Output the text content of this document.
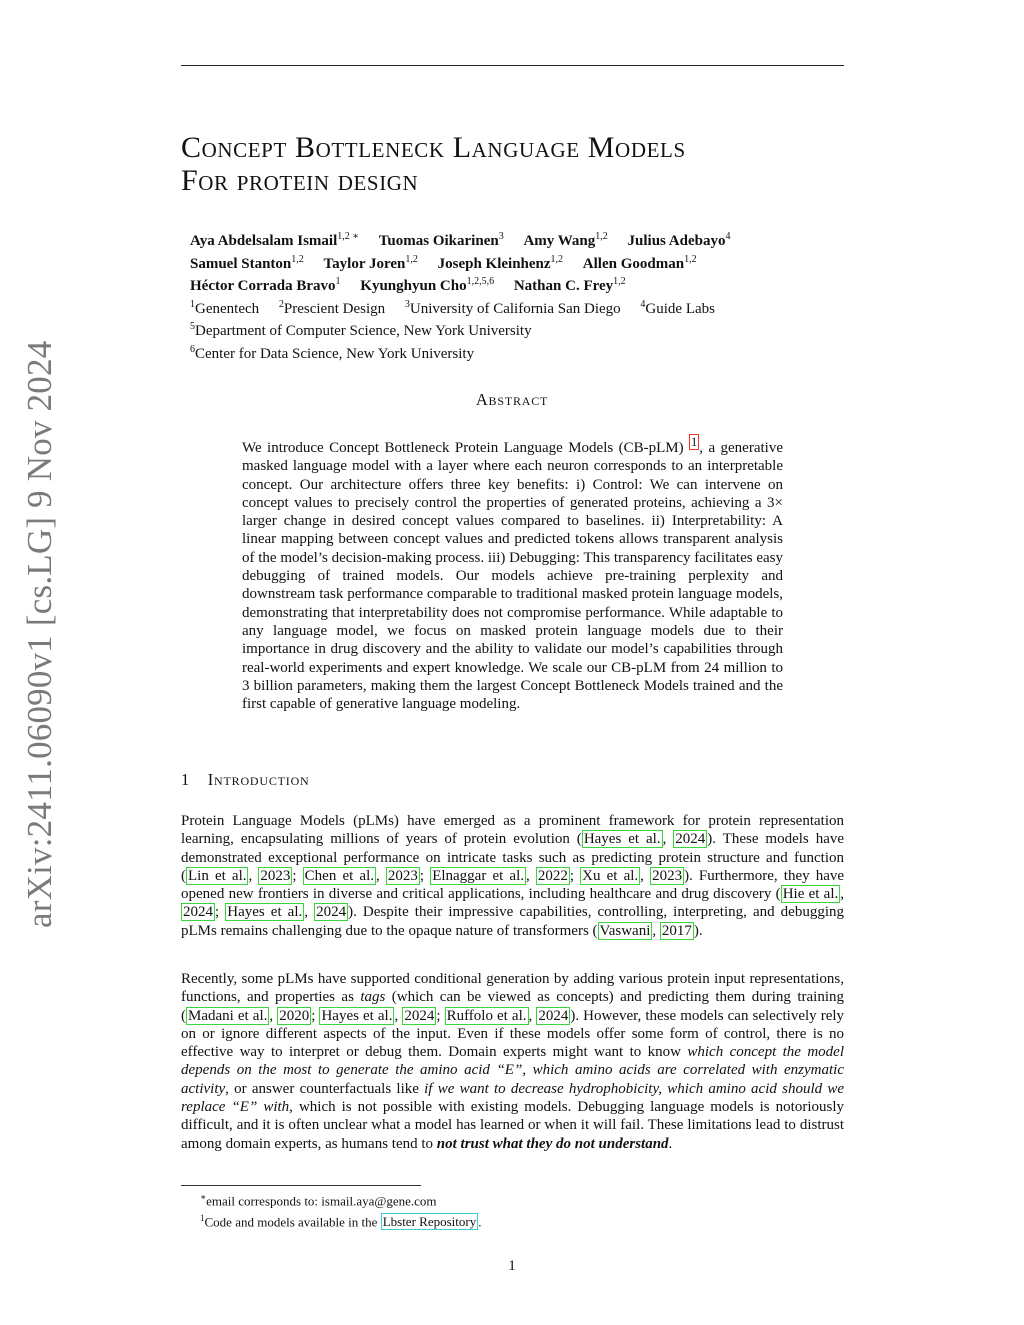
arXiv:2411.06090v1 [cs.LG] 9 Nov 2024
Concept Bottleneck Language Models
For protein design
Aya Abdelsalam Ismail$^{1,2 ∗}$ Tuomas Oikarinen$^3$ Amy Wang$^{1,2}$ Julius Adebayo$^4$
Samuel Stanton$^{1,2}$ Taylor Joren$^{1,2}$ Joseph Kleinhenz$^{1,2}$ Allen Goodman$^{1,2}$
Héctor Corrada Bravo$^1$ Kyunghyun Cho$^{1,2,5,6}$ Nathan C. Frey$^{1,2}$
$^1$Genentech $^2$Prescient Design $^3$University of California San Diego $^4$Guide Labs
$^5$Department of Computer Science, New York University
$^6$Center for Data Science, New York University
Abstract
We introduce Concept Bottleneck Protein Language Models (CB-pLM) $^1$ , a generative masked language model with a layer where each neuron corresponds to an interpretable concept. Our architecture offers three key benefits: i) Control: We can intervene on concept values to precisely control the properties of generated proteins, achieving a 3× larger change in desired concept values compared to baselines. ii) Interpretability: A linear mapping between concept values and predicted tokens allows transparent analysis of the model’s decision-making process. iii) Debugging: This transparency facilitates easy debugging of trained models. Our models achieve pre-training perplexity and downstream task performance comparable to traditional masked protein language models, demonstrating that interpretability does not compromise performance. While adaptable to any language model, we focus on masked protein language models due to their importance in drug discovery and the ability to validate our model’s capabilities through real-world experiments and expert knowledge. We scale our CB-pLM from 24 million to 3 billion parameters, making them the largest Concept Bottleneck Models trained and the first capable of generative language modeling.
1 Introduction
Protein Language Models (pLMs) have emerged as a prominent framework for protein representation learning, encapsulating millions of years of protein evolution ( Hayes et al. , 2024 ). These models have demonstrated exceptional performance on intricate tasks such as predicting protein structure and function ( Lin et al. , 2023 ; Chen et al. , 2023 ; Elnaggar et al. , 2022 ; Xu et al. , 2023 ). Furthermore, they have opened new frontiers in diverse and critical applications, including healthcare and drug discovery ( Hie et al. , 2024 ; Hayes et al. , 2024 ). Despite their impressive capabilities, controlling, interpreting, and debugging pLMs remains challenging due to the opaque nature of transformers ( Vaswani , 2017 ).
Recently, some pLMs have supported conditional generation by adding various protein input representations, functions, and properties as tags (which can be viewed as concepts) and predicting them during training ( Madani et al. , 2020 ; Hayes et al. , 2024 ; Ruffolo et al. , 2024 ). However, these models can selectively rely on or ignore different aspects of the input. Even if these models offer some form of control, there is no effective way to interpret or debug them. Domain experts might want to know which concept the model depends on the most to generate the amino acid “E”, which amino acids are correlated with enzymatic activity, or answer counterfactuals like if we want to decrease hydrophobicity, which amino acid should we replace “E” with, which is not possible with existing models. Debugging language models is notoriously difficult, and it is often unclear what a model has learned or when it will fail. These limitations lead to distrust among domain experts, as humans tend to not trust what they do not understand.
∗email corresponds to: ismail.aya@gene.com
$^1$Code and models available in the Lbster Repository .
1
